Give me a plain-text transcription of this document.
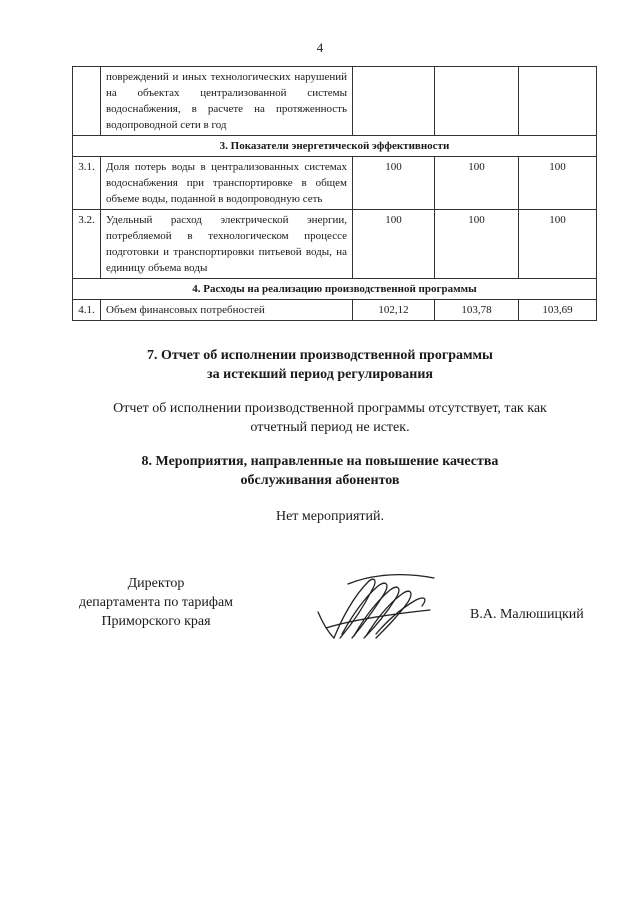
4
	повреждений и иных технологических нарушений на объектах централизованной системы водоснабжения, в расчете на протяженность водопроводной сети в год			
3. Показатели энергетической эффективности				
3.1.	Доля потерь воды в централизованных системах водоснабжения при транспортировке в общем объеме воды, поданной в водопроводную сеть	100	100	100
3.2.	Удельный расход электрической энергии, потребляемой в технологическом процессе подготовки и транспортировки питьевой воды, на единицу объема воды	100	100	100
4. Расходы на реализацию производственной программы				
4.1.	Объем финансовых потребностей	102,12	103,78	103,69
7. Отчет об исполнении производственной программы
за истекший период регулирования
Отчет об исполнении производственной программы отсутствует, так как отчетный период не истек.
8. Мероприятия, направленные на повышение качества
обслуживания абонентов
Нет мероприятий.
Директор
департамента по тарифам
Приморского края	В.А. Малюшицкий
